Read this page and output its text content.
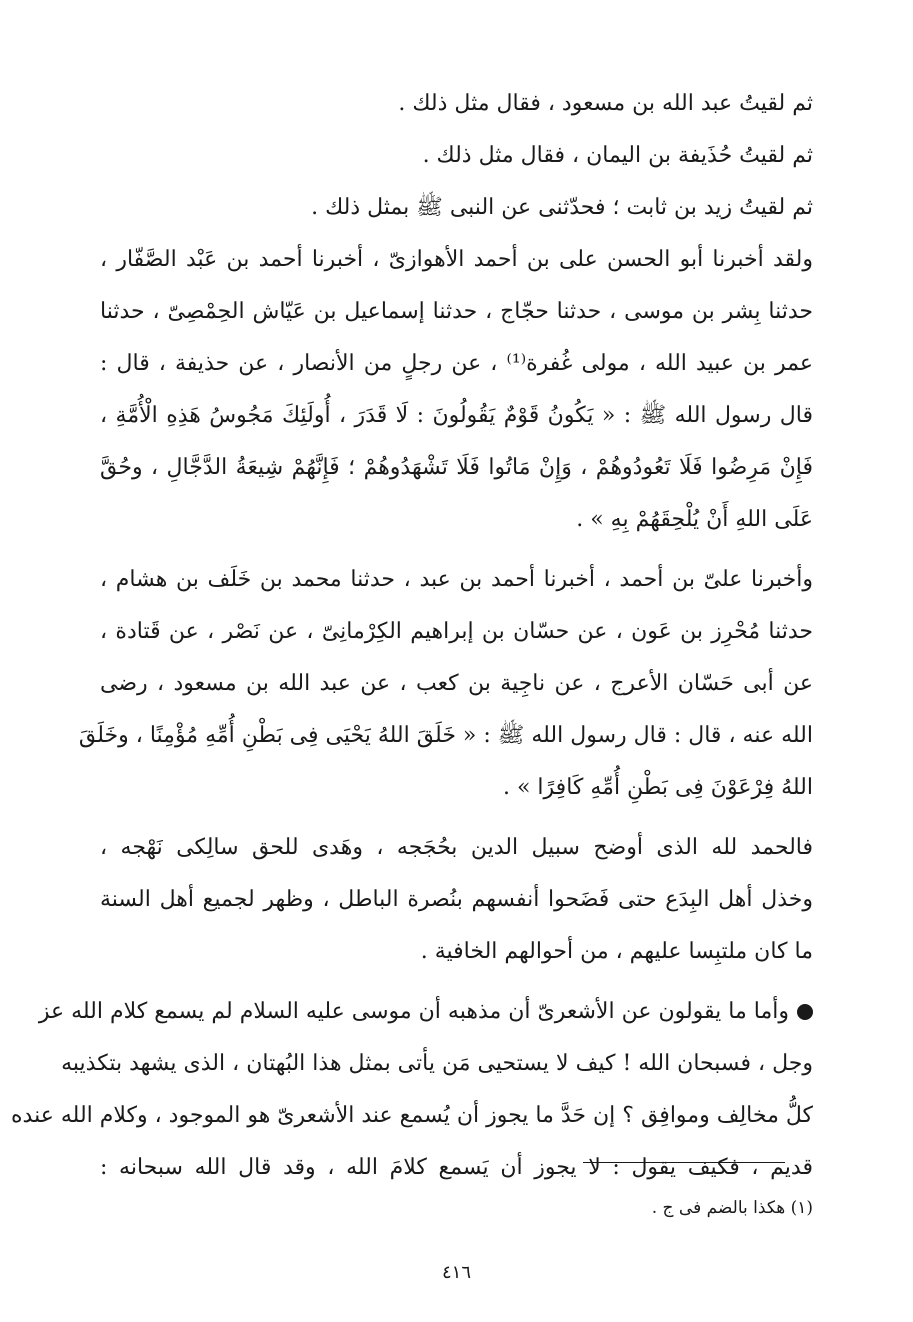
ثم لقيتُ عبد الله بن مسعود ، فقال مثل ذلك .
ثم لقيتُ حُذَيفة بن اليمان ، فقال مثل ذلك .
ثم لقيتُ زيد بن ثابت ؛ فحدّثنى عن النبى ﷺ بمثل ذلك .
ولقد أخبرنا أبو الحسن على بن أحمد الأهوازىّ ، أخبرنا أحمد بن عَبْد الصَّفّار ،
حدثنا بِشر بن موسى ، حدثنا حجّاج ، حدثنا إسماعيل بن عَيّاش الحِمْصِىّ ، حدثنا
عمر بن عبيد الله ، مولى غُفرة⁽¹⁾ ، عن رجلٍ من الأنصار ، عن حذيفة ، قال :
قال رسول الله ﷺ : « يَكُونُ قَوْمٌ يَقُولُونَ : لَا قَدَرَ ، أُولَئِكَ مَجُوسُ هَذِهِ الْأُمَّةِ ،
فَإِنْ مَرِضُوا فَلَا تَعُودُوهُمْ ، وَإِنْ مَاتُوا فَلَا تَشْهَدُوهُمْ ؛ فَإِنَّهُمْ شِيعَةُ الدَّجَّالِ ، وحُقَّ
عَلَى اللهِ أَنْ يُلْحِقَهُمْ بِهِ » .
وأخبرنا علىّ بن أحمد ، أخبرنا أحمد بن عبد ، حدثنا محمد بن خَلَف بن هشام ،
حدثنا مُحْرِز بن عَون ، عن حسّان بن إبراهيم الكِرْمانِىّ ، عن نَصْر ، عن قَتادة ،
عن أبى حَسّان الأعرج ، عن ناجِية بن كعب ، عن عبد الله بن مسعود ، رضى
الله عنه ، قال : قال رسول الله ﷺ : « خَلَقَ اللهُ يَحْيَى فِى بَطْنِ أُمِّهِ مُؤْمِنًا ، وخَلَقَ
اللهُ فِرْعَوْنَ فِى بَطْنِ أُمِّهِ كَافِرًا » .
فالحمد لله الذى أوضح سبيل الدين بحُجَجه ، وهَدى للحق سالِكى نَهْجه ،
وخذل أهل البِدَع حتى فَضَحوا أنفسهم بنُصرة الباطل ، وظهر لجميع أهل السنة
ما كان ملتبِسا عليهم ، من أحوالهم الخافية .
وأما ما يقولون عن الأشعرىّ أن مذهبه أن موسى عليه السلام لم يسمع كلام الله عز
وجل ، فسبحان الله ! كيف لا يستحيى مَن يأتى بمثل هذا البُهتان ، الذى يشهد بتكذيبه
كلُّ مخالِف وموافِق ؟ إن حَدَّ ما يجوز أن يُسمع عند الأشعرىّ هو الموجود ، وكلام الله عنده
قديم ، فكيف يقول : لا يجوز أن يَسمع كلامَ الله ، وقد قال الله سبحانه :
(١) هكذا بالضم فى ج .
٤١٦
